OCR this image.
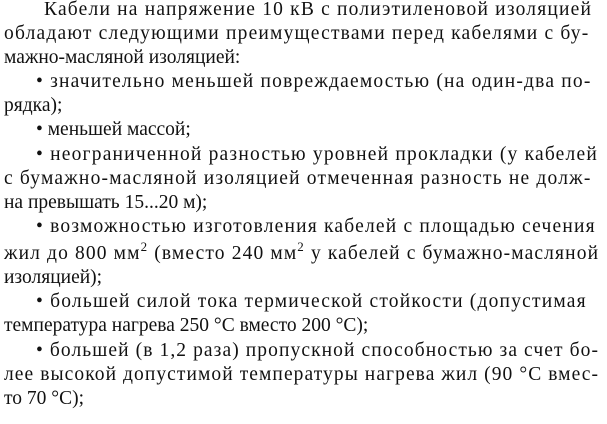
Кабели на напряжение 10 кВ с полиэтиленовой изоляцией
обладают следующими преимуществами перед кабелями с бу-
мажно-масляной изоляцией:
• значительно меньшей повреждаемостью (на один-два по-
рядка);
• меньшей массой;
• неограниченной разностью уровней прокладки (у кабелей
с бумажно-масляной изоляцией отмеченная разность не долж-
на превышать 15...20 м);
• возможностью изготовления кабелей с площадью сечения
жил до 800 $мм^2$ (вместо 240 $мм^2$ у кабелей с бумажно-масляной
изоляцией);
• большей силой тока термической стойкости (допустимая
температура нагрева 250 °С вместо 200 °С);
• большей (в 1,2 раза) пропускной способностью за счет бо-
лее высокой допустимой температуры нагрева жил (90 °С вмес-
то 70 °С);
